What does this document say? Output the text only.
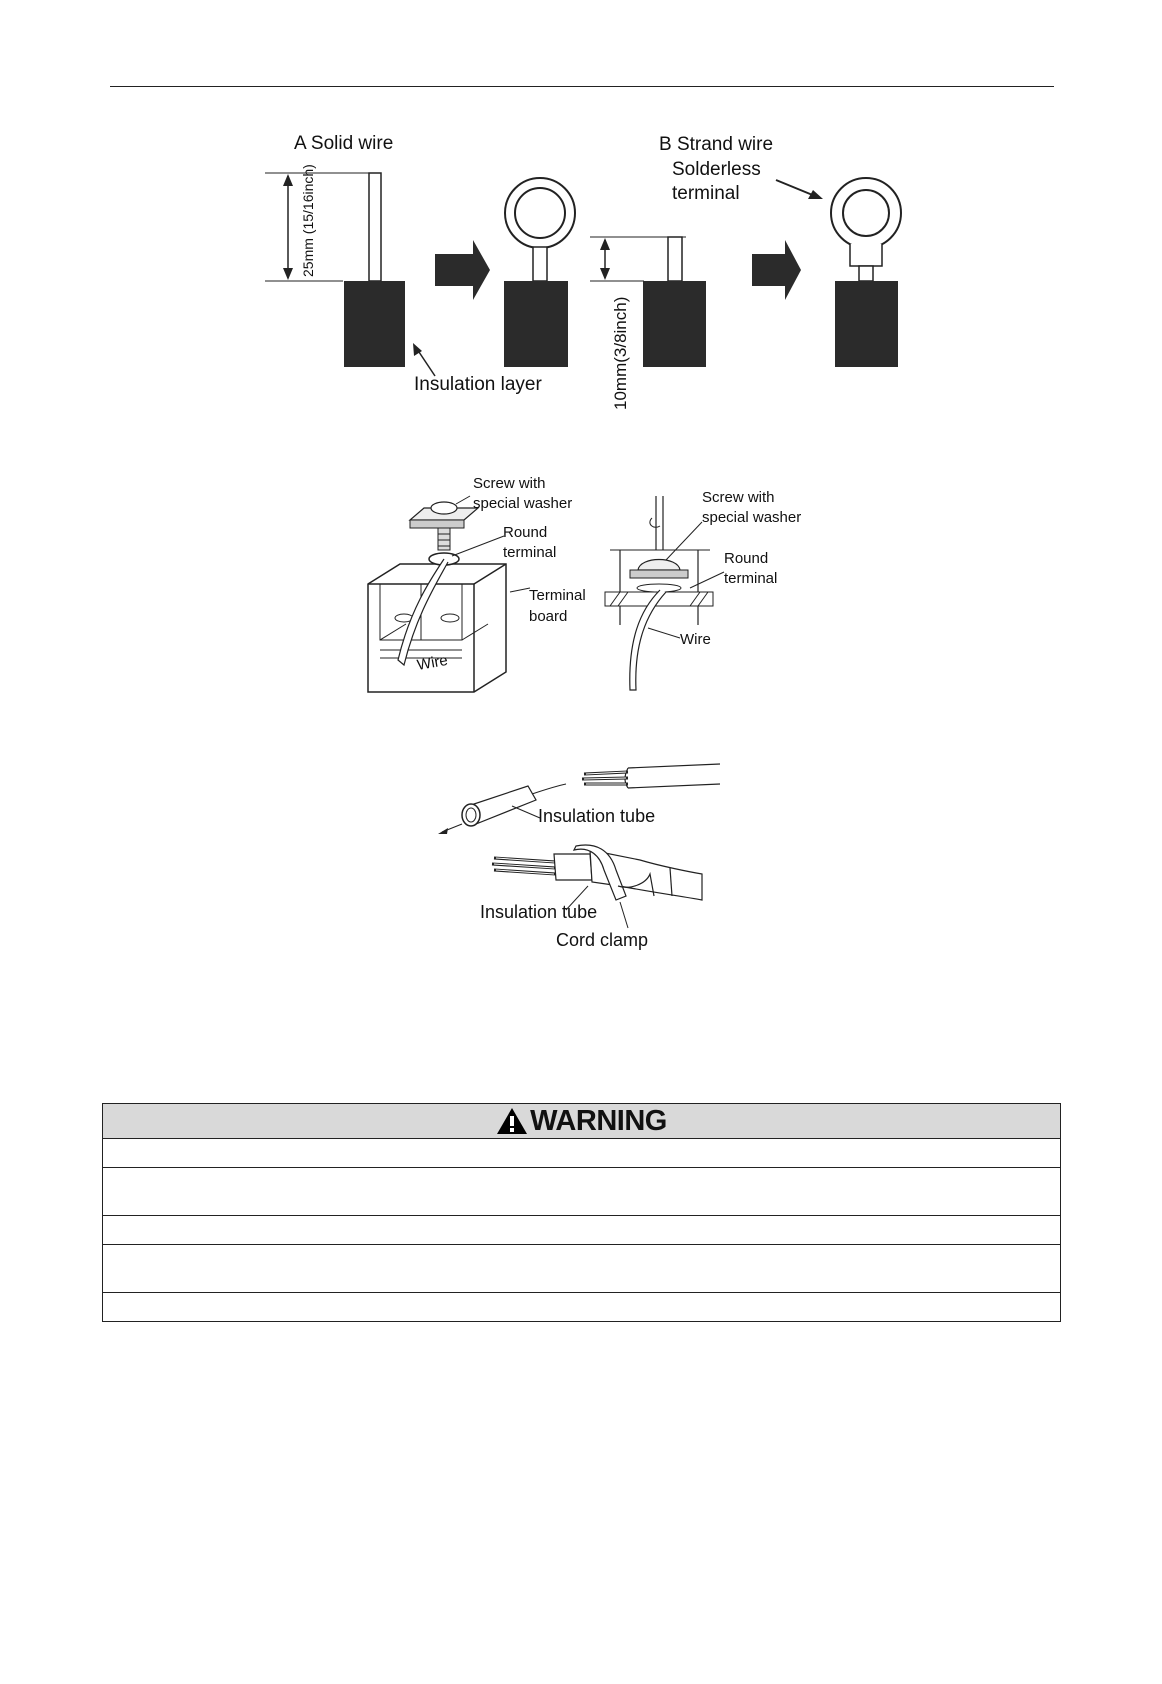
A Solid wire	B Strand wire
Solderless
terminal
Insulation layer
25mm (15/16inch)
10mm(3/8inch)
Screw with
special washer
Round
terminal
Terminal
board
Wire
Screw with
special washer
Round
terminal
Wire
Insulation tube
Insulation tube
Cord clamp
WARNING
